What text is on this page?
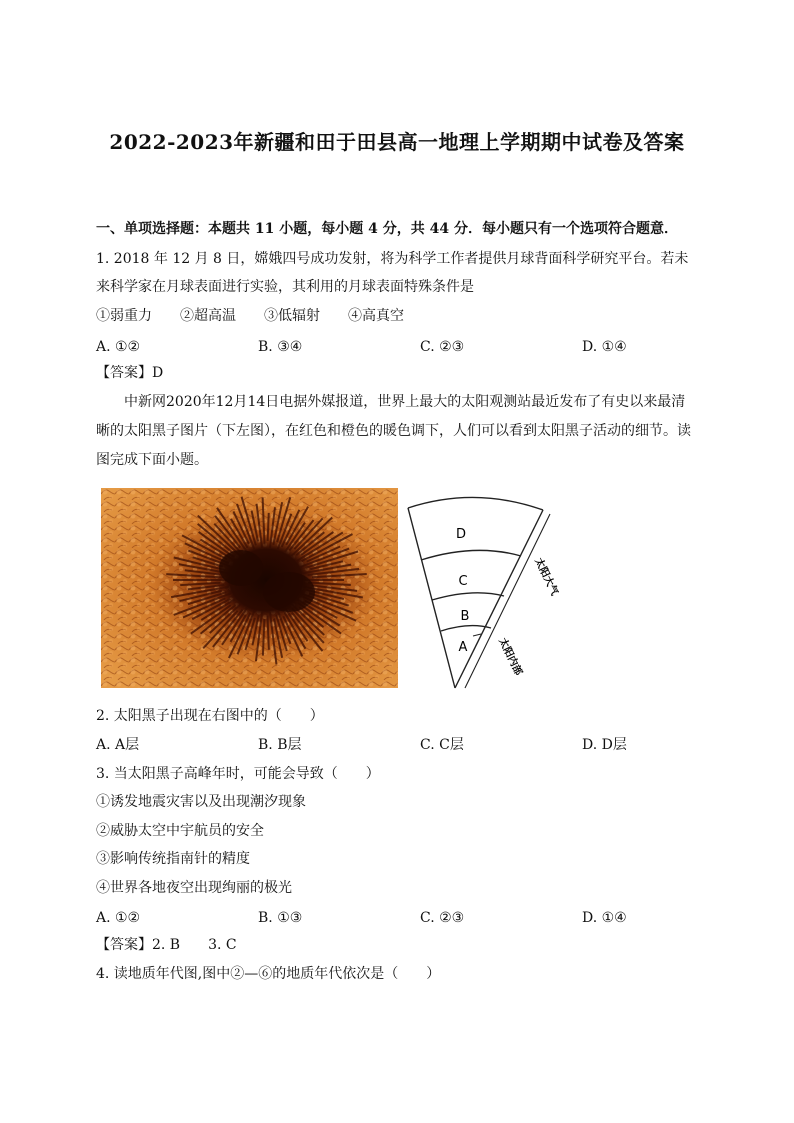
2022-2023年新疆和田于田县高一地理上学期期中试卷及答案
一、单项选择题：本题共 11 小题，每小题 4 分，共 44 分．每小题只有一个选项符合题意．
1. 2018 年 12 月 8 日，嫦娥四号成功发射，将为科学工作者提供月球背面科学研究平台。若未
来科学家在月球表面进行实验，其利用的月球表面特殊条件是
①弱重力　　②超高温　　③低辐射　　④高真空
A. ①②	B. ③④	C. ②③	D. ①④
【答案】D
中新网2020年12月14日电据外媒报道，世界上最大的太阳观测站最近发布了有史以来最清
晰的太阳黑子图片（下左图），在红色和橙色的暖色调下，人们可以看到太阳黑子活动的细节。读
图完成下面小题。
D
C
B
A
太阳大气
太阳内部
2. 太阳黑子出现在右图中的（　　）
A. A层	B. B层	C. C层	D. D层
3. 当太阳黑子高峰年时，可能会导致（　　）
①诱发地震灾害以及出现潮汐现象
②威胁太空中宇航员的安全
③影响传统指南针的精度
④世界各地夜空出现绚丽的极光
A. ①②	B. ①③	C. ②③	D. ①④
【答案】2. B　　3. C
4. 读地质年代图,图中②—⑥的地质年代依次是（　　）
